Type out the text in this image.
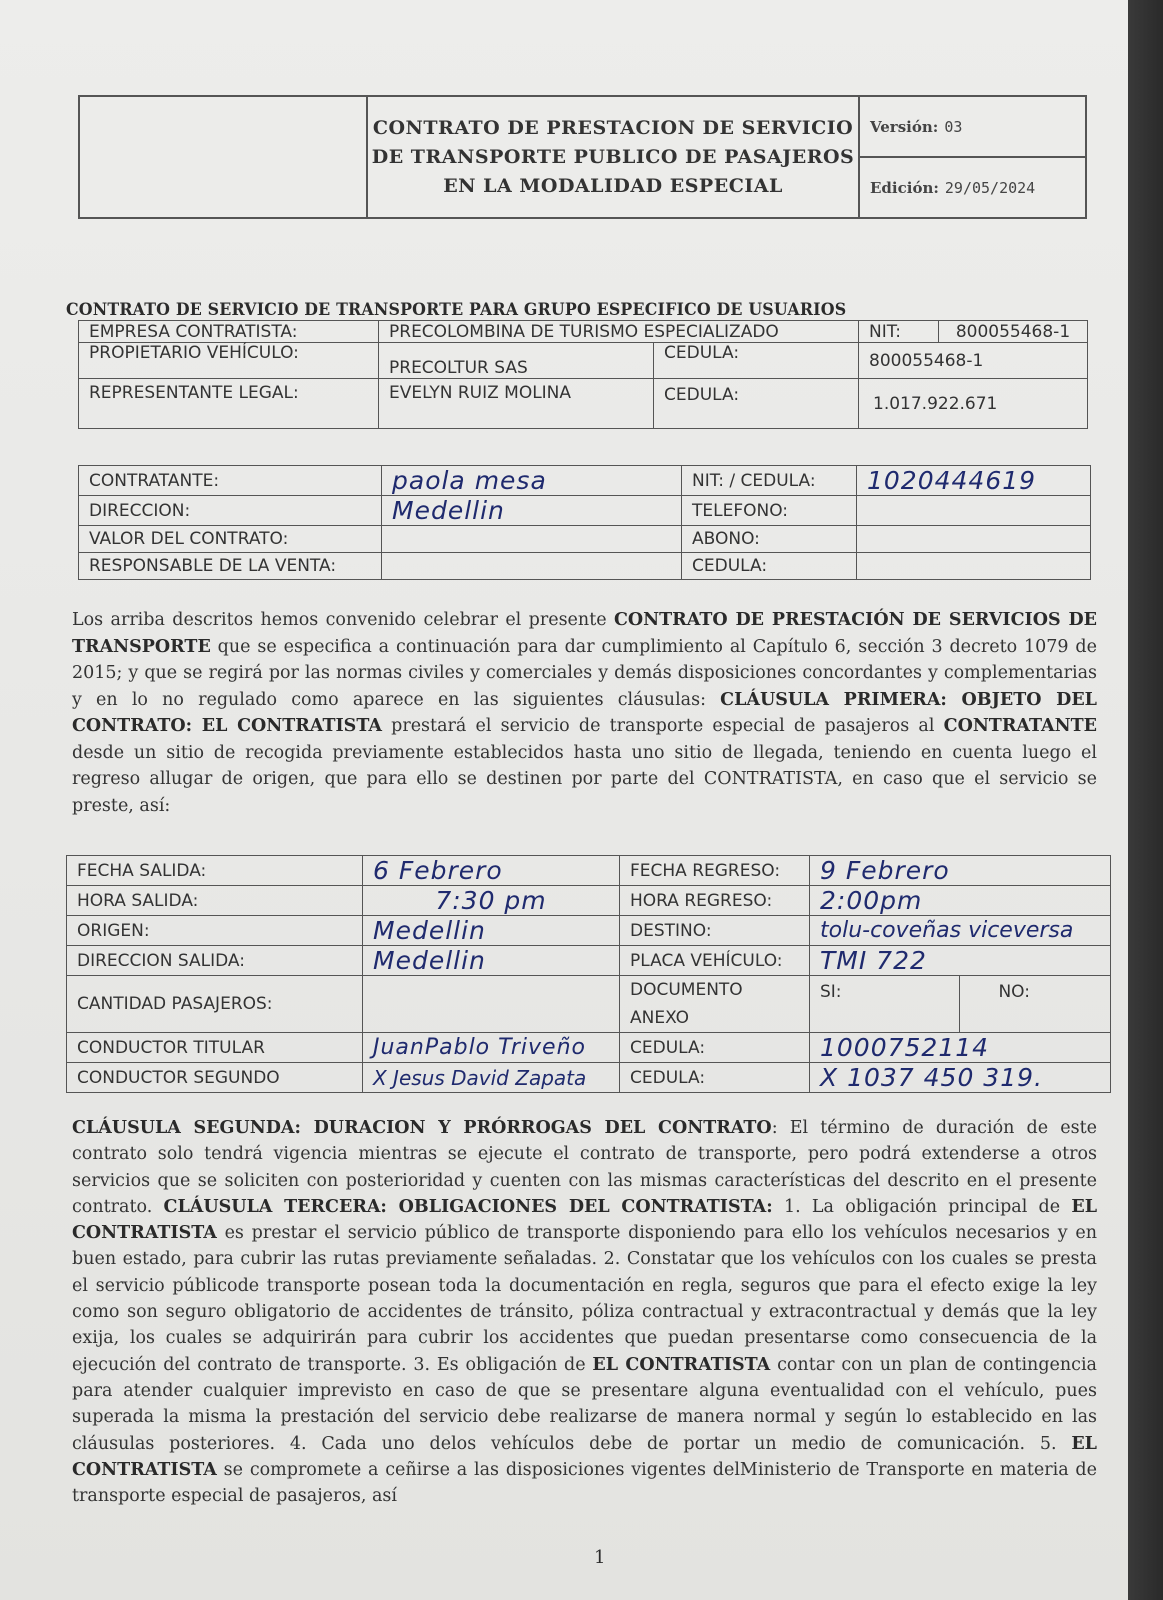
CONTRATO DE PRESTACION DE SERVICIO
DE TRANSPORTE PUBLICO DE PASAJEROS
EN LA MODALIDAD ESPECIAL
Versión: 03
Edición: 29/05/2024
CONTRATO DE SERVICIO DE TRANSPORTE PARA GRUPO ESPECIFICO DE USUARIOS
EMPRESA CONTRATISTA:	PRECOLOMBINA DE TURISMO ESPECIALIZADO		NIT:	800055468-1
PROPIETARIO VEHÍCULO:	PRECOLTUR SAS	CEDULA:	800055468-1	
REPRESENTANTE LEGAL:	EVELYN RUIZ MOLINA	CEDULA:	1.017.922.671	
CONTRATANTE:	paola mesa	NIT: / CEDULA:	1020444619
DIRECCION:	Medellin	TELEFONO:	
VALOR DEL CONTRATO:		ABONO:	
RESPONSABLE DE LA VENTA:		CEDULA:	
Los arriba descritos hemos convenido celebrar el presente CONTRATO DE PRESTACIÓN DE SERVICIOS DE TRANSPORTE que se especifica a continuación para dar cumplimiento al Capítulo 6, sección 3 decreto 1079 de 2015; y que se regirá por las normas civiles y comerciales y demás disposiciones concordantes y complementarias y en lo no regulado como aparece en las siguientes cláusulas: CLÁUSULA PRIMERA: OBJETO DEL CONTRATO: EL CONTRATISTA prestará el servicio de transporte especial de pasajeros al CONTRATANTE desde un sitio de recogida previamente establecidos hasta uno sitio de llegada, teniendo en cuenta luego el regreso allugar de origen, que para ello se destinen por parte del CONTRATISTA, en caso que el servicio se preste, así:
FECHA SALIDA:	6 Febrero	FECHA REGRESO:	9 Febrero	
HORA SALIDA:	7:30 pm	HORA REGRESO:	2:00pm	
ORIGEN:	Medellin	DESTINO:	tolu-coveñas viceversa	
DIRECCION SALIDA:	Medellin	PLACA VEHÍCULO:	TMI 722	
CANTIDAD PASAJEROS:		DOCUMENTO ANEXO	SI:	NO:
CONDUCTOR TITULAR	JuanPablo Triveño	CEDULA:	1000752114	
CONDUCTOR SEGUNDO	X Jesus David Zapata	CEDULA:	X 1037 450 319.	
CLÁUSULA SEGUNDA: DURACION Y PRÓRROGAS DEL CONTRATO: El término de duración de este contrato solo tendrá vigencia mientras se ejecute el contrato de transporte, pero podrá extenderse a otros servicios que se soliciten con posterioridad y cuenten con las mismas características del descrito en el presente contrato. CLÁUSULA TERCERA: OBLIGACIONES DEL CONTRATISTA: 1. La obligación principal de EL CONTRATISTA es prestar el servicio público de transporte disponiendo para ello los vehículos necesarios y en buen estado, para cubrir las rutas previamente señaladas. 2. Constatar que los vehículos con los cuales se presta el servicio públicode transporte posean toda la documentación en regla, seguros que para el efecto exige la ley como son seguro obligatorio de accidentes de tránsito, póliza contractual y extracontractual y demás que la ley exija, los cuales se adquirirán para cubrir los accidentes que puedan presentarse como consecuencia de la ejecución del contrato de transporte. 3. Es obligación de EL CONTRATISTA contar con un plan de contingencia para atender cualquier imprevisto en caso de que se presentare alguna eventualidad con el vehículo, pues superada la misma la prestación del servicio debe realizarse de manera normal y según lo establecido en las cláusulas posteriores. 4. Cada uno delos vehículos debe de portar un medio de comunicación. 5. EL CONTRATISTA se compromete a ceñirse a las disposiciones vigentes delMinisterio de Transporte en materia de transporte especial de pasajeros, así
1
